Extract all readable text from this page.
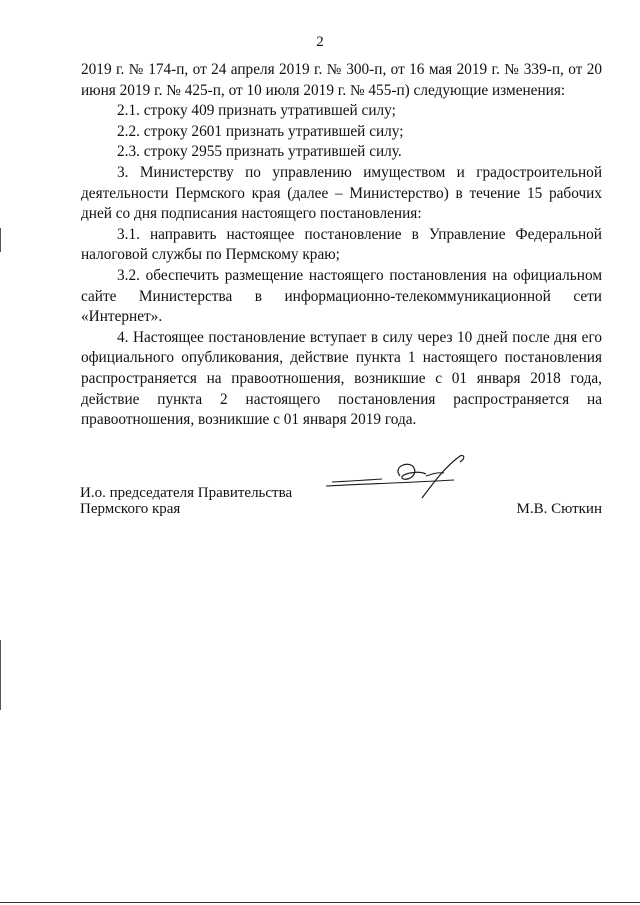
2

2019 г. № 174-п, от 24 апреля 2019 г. № 300-п, от 16 мая 2019 г. № 339-п, от 20 июня 2019 г. № 425-п, от 10 июля 2019 г. № 455-п) следующие изменения:

2.1. строку 409 признать утратившей силу;

2.2. строку 2601 признать утратившей силу;

2.3. строку 2955 признать утратившей силу.

3. Министерству по управлению имуществом и градостроительной деятельности Пермского края (далее – Министерство) в течение 15 рабочих дней со дня подписания настоящего постановления:

3.1. направить настоящее постановление в Управление Федеральной налоговой службы по Пермскому краю;

3.2. обеспечить размещение настоящего постановления на официальном сайте Министерства в информационно-телекоммуникационной сети «Интернет».

4. Настоящее постановление вступает в силу через 10 дней после дня его официального опубликования, действие пункта 1 настоящего постановления распространяется на правоотношения, возникшие с 01 января 2018 года, действие пункта 2 настоящего постановления распространяется на правоотношения, возникшие с 01 января 2019 года.

И.о. председателя Правительства
Пермского края	М.В. Сюткин
